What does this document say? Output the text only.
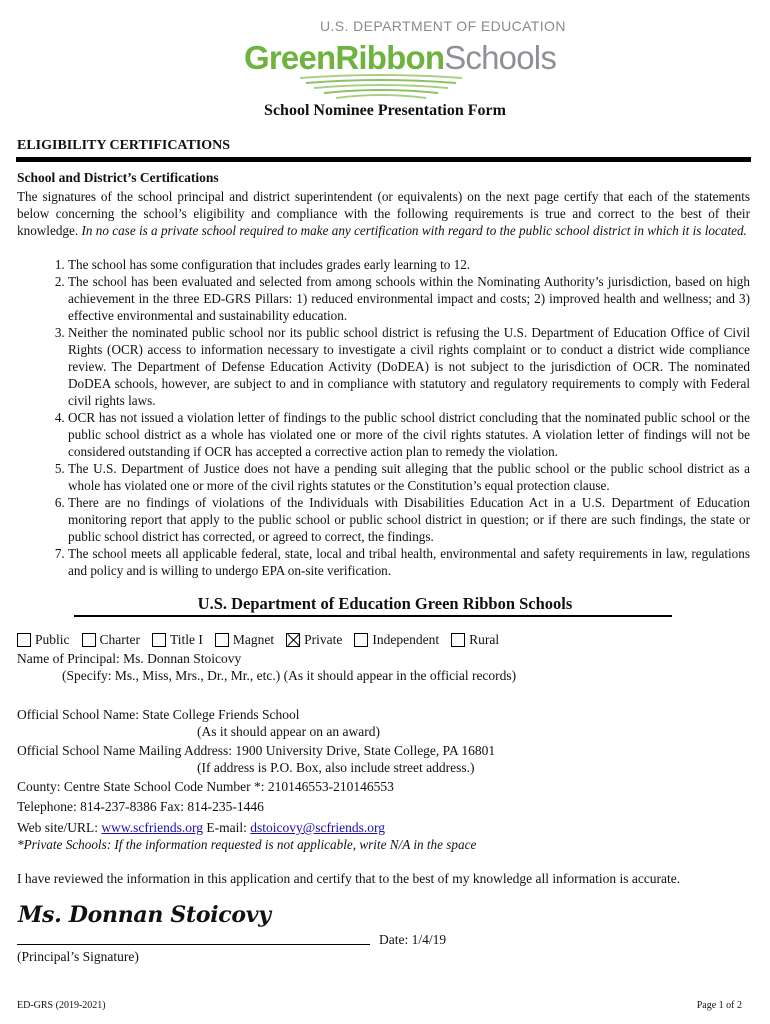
U.S. DEPARTMENT OF EDUCATION
GreenRibbonSchools
School Nominee Presentation Form
ELIGIBILITY CERTIFICATIONS
School and District’s Certifications
The signatures of the school principal and district superintendent (or equivalents) on the next page certify that each of the statements below concerning the school’s eligibility and compliance with the following requirements is true and correct to the best of their knowledge. In no case is a private school required to make any certification with regard to the public school district in which it is located.
1. The school has some configuration that includes grades early learning to 12.
2. The school has been evaluated and selected from among schools within the Nominating Authority’s jurisdiction, based on high achievement in the three ED-GRS Pillars: 1) reduced environmental impact and costs; 2) improved health and wellness; and 3) effective environmental and sustainability education.
3. Neither the nominated public school nor its public school district is refusing the U.S. Department of Education Office of Civil Rights (OCR) access to information necessary to investigate a civil rights complaint or to conduct a district wide compliance review. The Department of Defense Education Activity (DoDEA) is not subject to the jurisdiction of OCR. The nominated DoDEA schools, however, are subject to and in compliance with statutory and regulatory requirements to comply with Federal civil rights laws.
4. OCR has not issued a violation letter of findings to the public school district concluding that the nominated public school or the public school district as a whole has violated one or more of the civil rights statutes. A violation letter of findings will not be considered outstanding if OCR has accepted a corrective action plan to remedy the violation.
5. The U.S. Department of Justice does not have a pending suit alleging that the public school or the public school district as a whole has violated one or more of the civil rights statutes or the Constitution’s equal protection clause.
6. There are no findings of violations of the Individuals with Disabilities Education Act in a U.S. Department of Education monitoring report that apply to the public school or public school district in question; or if there are such findings, the state or public school district has corrected, or agreed to correct, the findings.
7. The school meets all applicable federal, state, local and tribal health, environmental and safety requirements in law, regulations and policy and is willing to undergo EPA on-site verification.
U.S. Department of Education Green Ribbon Schools
Public Charter Title I Magnet Private Independent Rural
Name of Principal: Ms. Donnan Stoicovy
(Specify: Ms., Miss, Mrs., Dr., Mr., etc.) (As it should appear in the official records)
Official School Name: State College Friends School
(As it should appear on an award)
Official School Name Mailing Address: 1900 University Drive, State College, PA 16801
(If address is P.O. Box, also include street address.)
County: Centre State School Code Number *: 210146553-210146553
Telephone: 814-237-8386 Fax: 814-235-1446
Web site/URL: www.scfriends.org E-mail: dstoicovy@scfriends.org
*Private Schools: If the information requested is not applicable, write N/A in the space
I have reviewed the information in this application and certify that to the best of my knowledge all information is accurate.
Ms. Donnan Stoicovy
Date: 1/4/19
(Principal’s Signature)
ED-GRS (2019-2021)	Page 1 of 2
